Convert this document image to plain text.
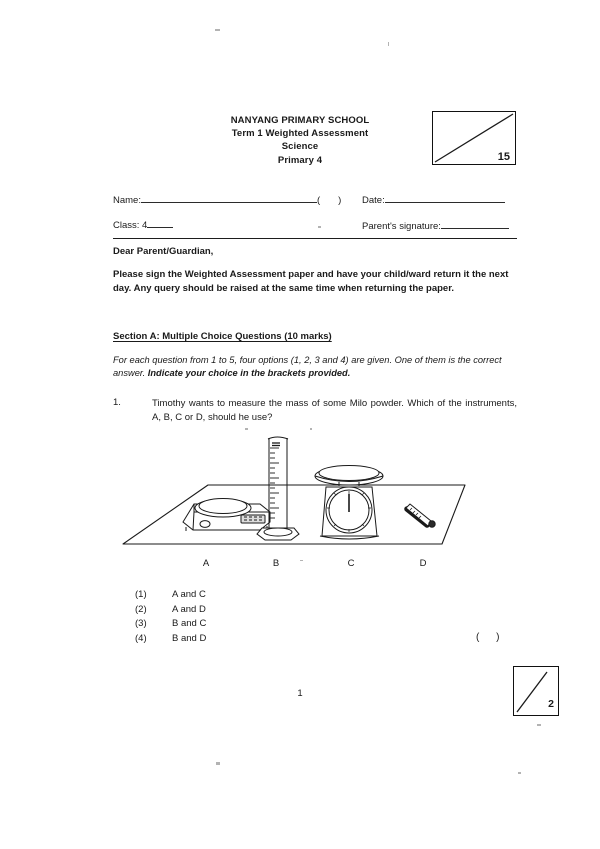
NANYANG PRIMARY SCHOOL
Term 1 Weighted Assessment
Science
Primary 4	15
Name:	( ) Date:
Class: 4	Parent's signature:
Dear Parent/Guardian,
Please sign the Weighted Assessment paper and have your child/ward return it the next day. Any query should be raised at the same time when returning the paper.
Section A: Multiple Choice Questions (10 marks)
For each question from 1 to 5, four options (1, 2, 3 and 4) are given. One of them is the correct answer. Indicate your choice in the brackets provided.
1.	Timothy wants to measure the mass of some Milo powder. Which of the instruments, A, B, C or D, should he use?
A	B	C	D
(1)	A and C
(2)	A and D
(3)	B and C
(4)	B and D	( )
1
2
